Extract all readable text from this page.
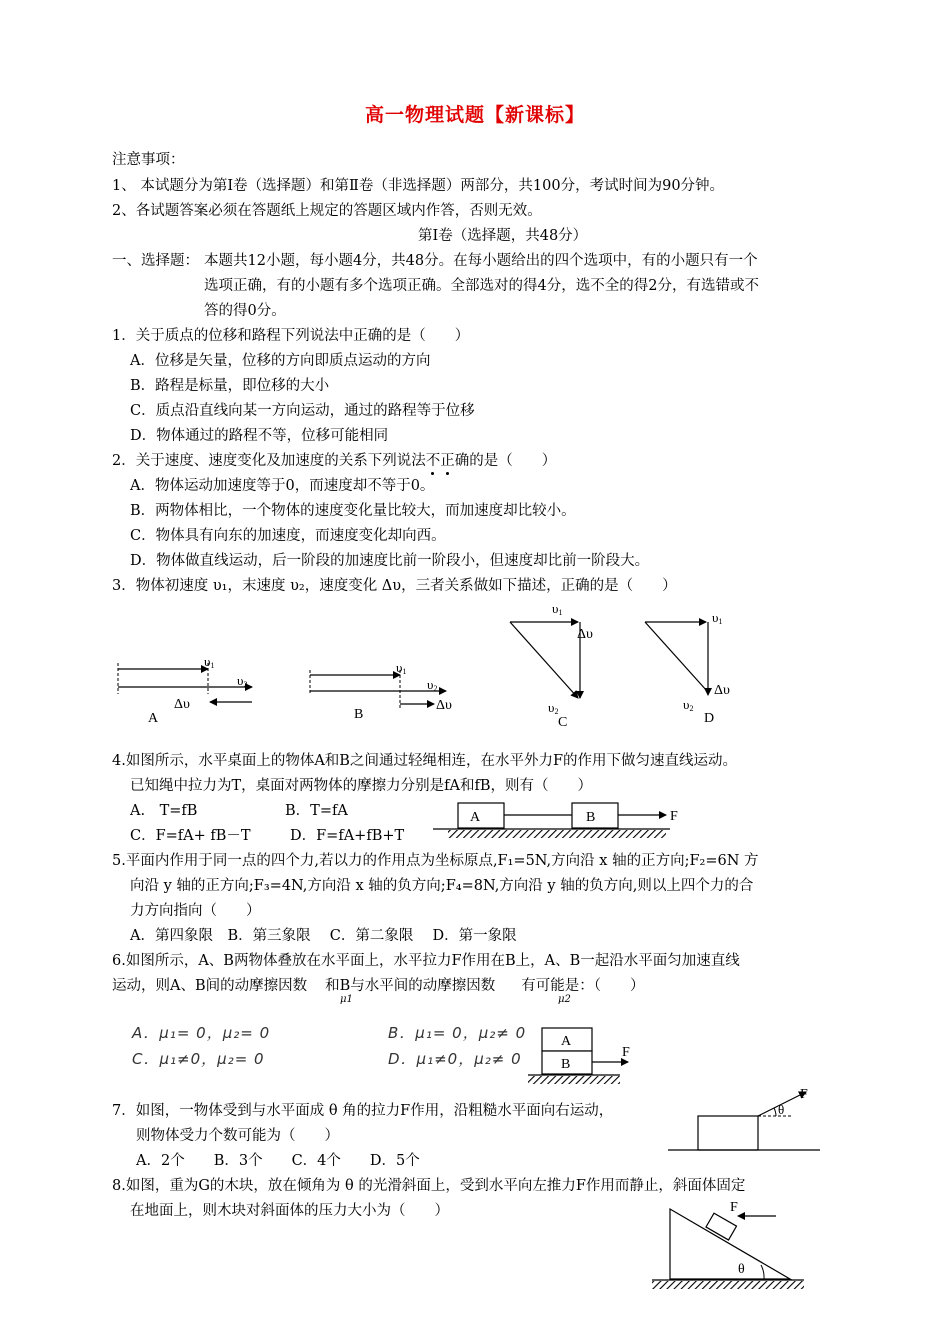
高一物理试题【新课标】
注意事项：
1、 本试题分为第Ⅰ卷（选择题）和第Ⅱ卷（非选择题）两部分，共100分，考试时间为90分钟。
2、各试题答案必须在答题纸上规定的答题区域内作答，否则无效。
第Ⅰ卷（选择题，共48分）
一、选择题： 本题共12小题，每小题4分，共48分。在每小题给出的四个选项中，有的小题只有一个
选项正确，有的小题有多个选项正确。全部选对的得4分，选不全的得2分，有选错或不
答的得0分。
1．关于质点的位移和路程下列说法中正确的是（　　）
A．位移是矢量，位移的方向即质点运动的方向
B．路程是标量，即位移的大小
C．质点沿直线向某一方向运动，通过的路程等于位移
D．物体通过的路程不等，位移可能相同
2．关于速度、速度变化及加速度的关系下列说法不
正
确的是（　　）
A．物体运动加速度等于0，而速度却不等于0。
B．两物体相比，一个物体的速度变化量比较大，而加速度却比较小。
C．物体具有向东的加速度，而速度变化却向西。
D．物体做直线运动，后一阶段的加速度比前一阶段小，但速度却比前一阶段大。
3．物体初速度 υ₁，末速度 υ₂，速度变化 Δυ，三者关系做如下描述，正确的是（　　）
υ1
υ2
Δυ
A
υ1
υ2
Δυ
B
υ1
Δυ
υ2
C
υ1
Δυ
υ2
D
4.如图所示，水平桌面上的物体A和B之间通过轻绳相连，在水平外力F的作用下做匀速直线运动。
已知绳中拉力为T，桌面对两物体的摩擦力分别是fA和fB，则有（　　）
A.　T=fB	B．T=fA
C．F=fA+ fB－T	D．F=fA+fB+T
A	B	F
5.平面内作用于同一点的四个力,若以力的作用点为坐标原点,F₁=5N,方向沿 x 轴的正方向;F₂=6N 方
向沿 y 轴的正方向;F₃=4N,方向沿 x 轴的负方向;F₄=8N,方向沿 y 轴的负方向,则以上四个力的合
力方向指向（　　）
A．第四象限　B．第三象限　 C．第二象限　 D．第一象限
6.如图所示，A、B两物体叠放在水平面上，水平拉力F作用在B上，A、B一起沿水平面匀加速直线
运动，则A、B间的动摩擦因数 和B与水平间的动摩擦因数 有可能是：（　　）
μ1	μ2
A．μ₁= 0，μ₂= 0	B．μ₁= 0，μ₂≠ 0
C．μ₁≠0，μ₂= 0	D．μ₁≠0，μ₂≠ 0
A
B
F
7．如图，一物体受到与水平面成 θ 角的拉力F作用，沿粗糙水平面向右运动，
则物体受力个数可能为（　　）
A．2个　　B．3个　　C．4个　　D．5个
F
θ
8.如图，重为G的木块，放在倾角为 θ 的光滑斜面上，受到水平向左推力F作用而静止，斜面体固定
在地面上，则木块对斜面体的压力大小为（　　）	F
θ
